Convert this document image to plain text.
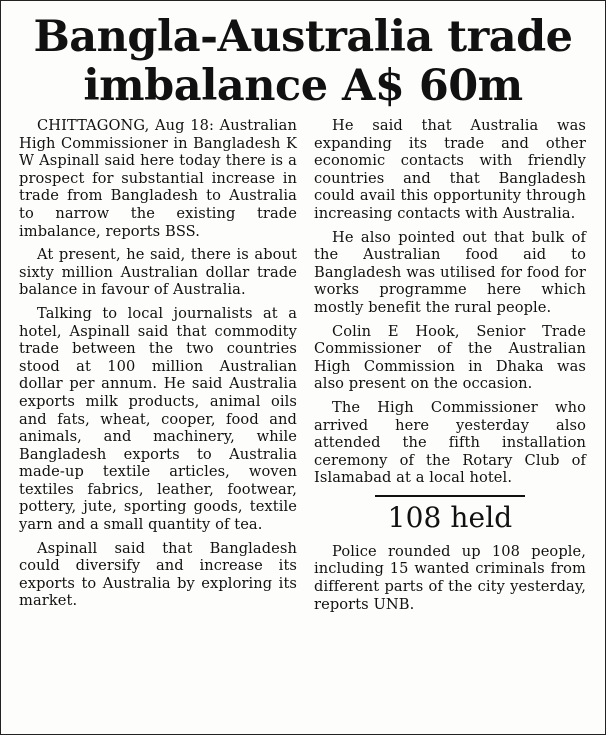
Bangla-Australia trade imbalance A$ 60m

CHITTAGONG, Aug 18: Australian High Commissioner in Bangladesh K W Aspinall said here today there is a prospect for substantial increase in trade from Bangladesh to Australia to narrow the existing trade imbalance, reports BSS.

At present, he said, there is about sixty million Australian dollar trade balance in favour of Australia.

Talking to local journalists at a hotel, Aspinall said that commodity trade between the two countries stood at 100 million Australian dollar per annum. He said Australia exports milk products, animal oils and fats, wheat, cooper, food and animals, and machinery, while Bangladesh exports to Australia made-up textile articles, woven textiles fabrics, leather, footwear, pottery, jute, sporting goods, textile yarn and a small quantity of tea.

Aspinall said that Bangladesh could diversify and increase its exports to Australia by exploring its market.

He said that Australia was expanding its trade and other economic contacts with friendly countries and that Bangladesh could avail this opportunity through increasing contacts with Australia.

He also pointed out that bulk of the Australian food aid to Bangladesh was utilised for food for works programme here which mostly benefit the rural people.

Colin E Hook, Senior Trade Commissioner of the Australian High Commission in Dhaka was also present on the occasion.

The High Commissioner who arrived here yesterday also attended the fifth installation ceremony of the Rotary Club of Islamabad at a local hotel.

108 held

Police rounded up 108 people, including 15 wanted criminals from different parts of the city yesterday, reports UNB.
